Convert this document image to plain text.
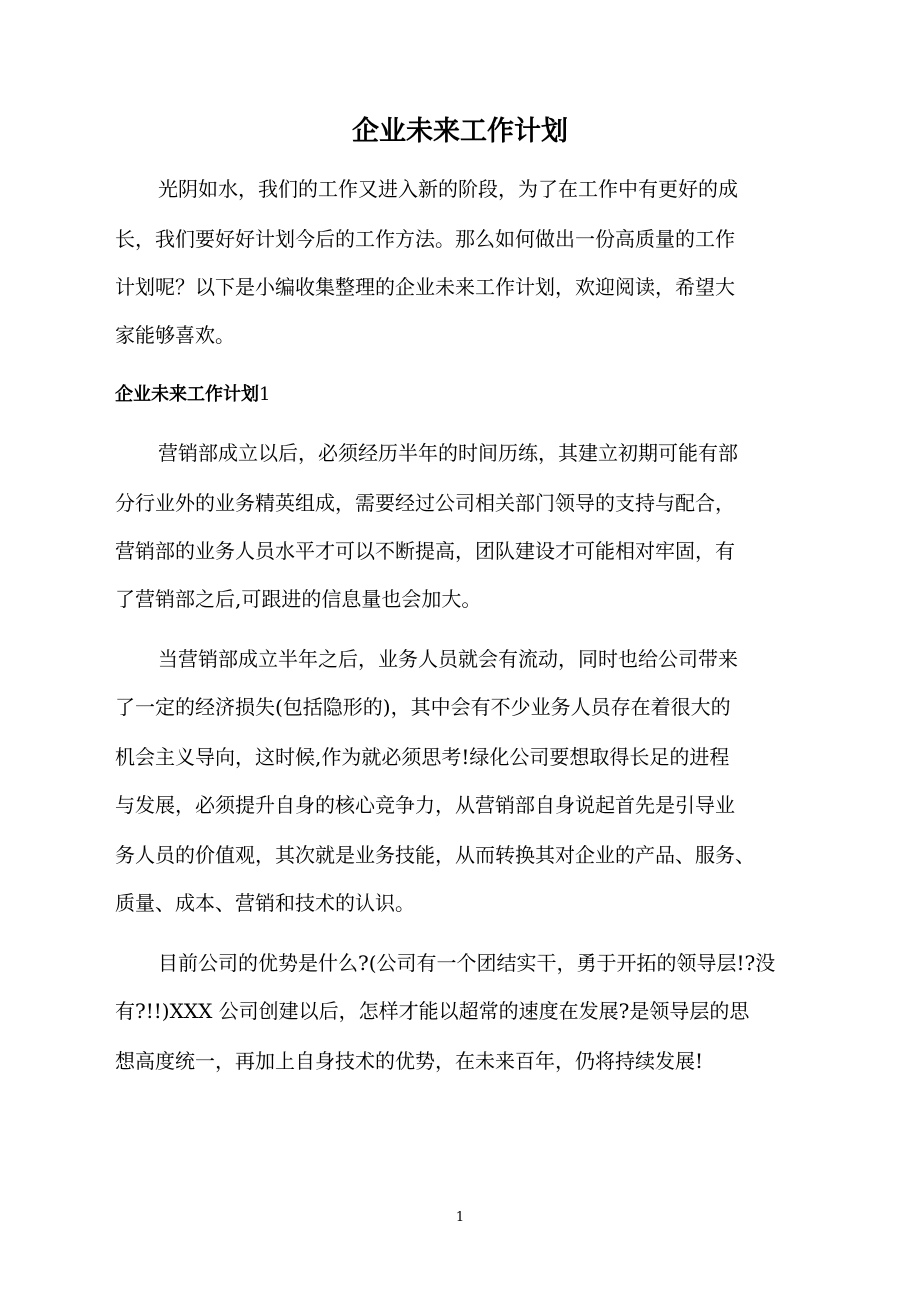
企业未来工作计划

光阴如水，我们的工作又进入新的阶段，为了在工作中有更好的成

长，我们要好好计划今后的工作方法。那么如何做出一份高质量的工作

计划呢？以下是小编收集整理的企业未来工作计划，欢迎阅读，希望大

家能够喜欢。

企业未来工作计划1

营销部成立以后，必须经历半年的时间历练，其建立初期可能有部

分行业外的业务精英组成，需要经过公司相关部门领导的支持与配合，

营销部的业务人员水平才可以不断提高，团队建设才可能相对牢固，有

了营销部之后,可跟进的信息量也会加大。

当营销部成立半年之后，业务人员就会有流动，同时也给公司带来

了一定的经济损失(包括隐形的)，其中会有不少业务人员存在着很大的

机会主义导向，这时候,作为就必须思考!绿化公司要想取得长足的进程

与发展，必须提升自身的核心竞争力，从营销部自身说起首先是引导业

务人员的价值观，其次就是业务技能，从而转换其对企业的产品、服务、

质量、成本、营销和技术的认识。

目前公司的优势是什么?(公司有一个团结实干，勇于开拓的领导层!?没

有?!!)XXX 公司创建以后，怎样才能以超常的速度在发展?是领导层的思

想高度统一，再加上自身技术的优势，在未来百年，仍将持续发展!

1
